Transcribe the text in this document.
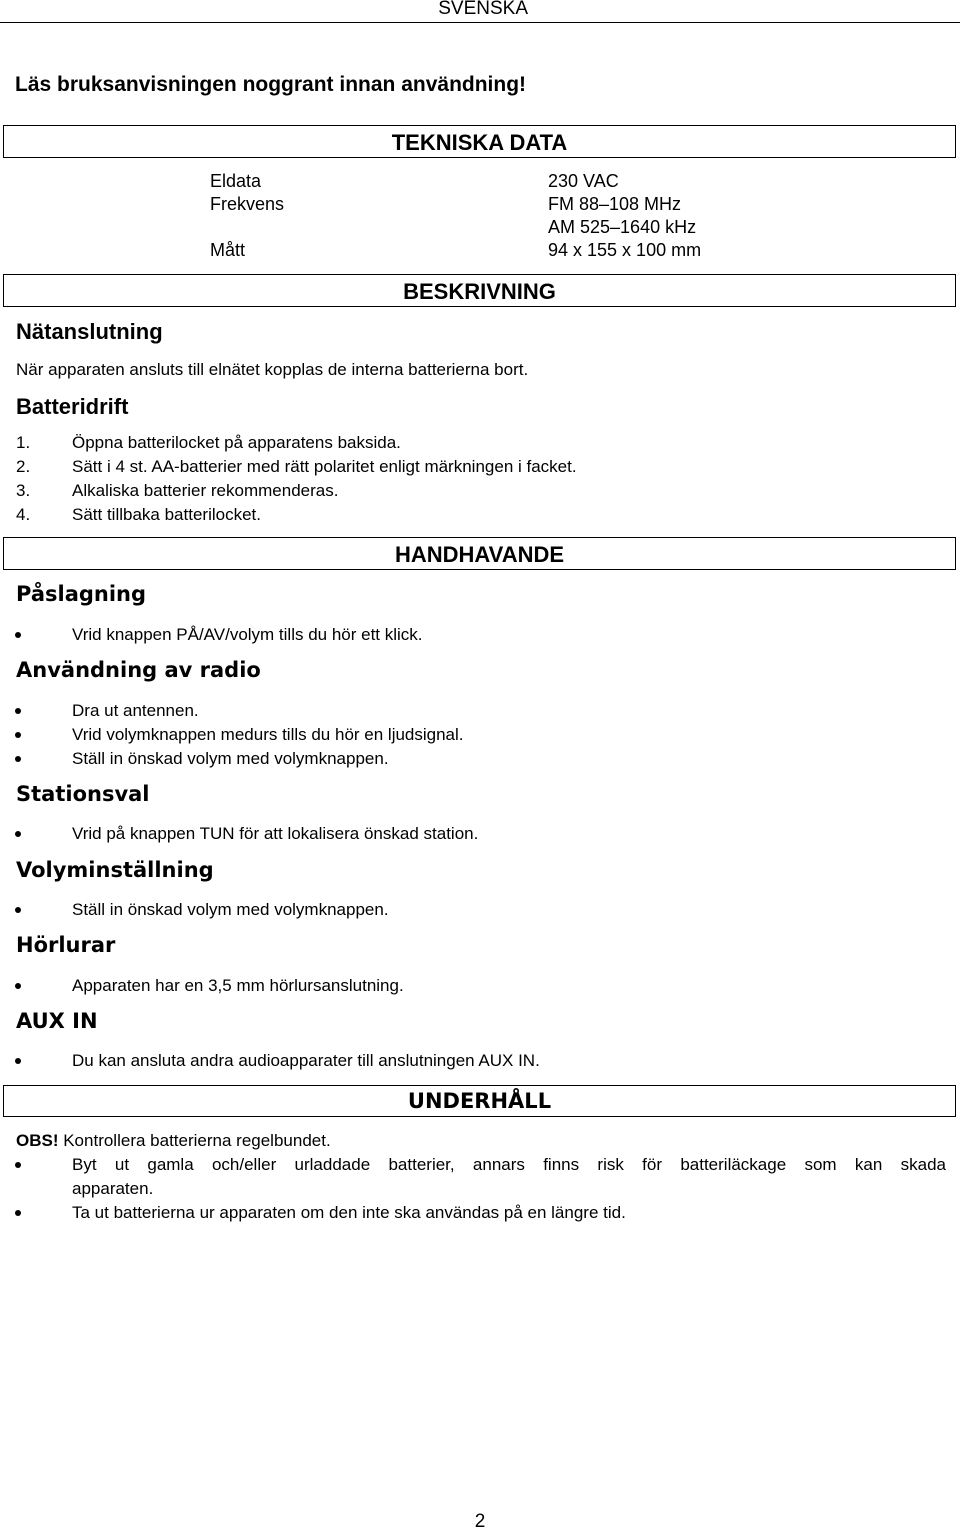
SVENSKA
Läs bruksanvisningen noggrant innan användning!
TEKNISKA DATA
Eldata	230 VAC
Frekvens	FM 88–108 MHz
AM 525–1640 kHz
Mått	94 x 155 x 100 mm
BESKRIVNING
Nätanslutning
När apparaten ansluts till elnätet kopplas de interna batterierna bort.
Batteridrift
1. Öppna batterilocket på apparatens baksida.
2. Sätt i 4 st. AA-batterier med rätt polaritet enligt märkningen i facket.
3. Alkaliska batterier rekommenderas.
4. Sätt tillbaka batterilocket.
HANDHAVANDE
Påslagning
Vrid knappen PÅ/AV/volym tills du hör ett klick.
Användning av radio
Dra ut antennen.
Vrid volymknappen medurs tills du hör en ljudsignal.
Ställ in önskad volym med volymknappen.
Stationsval
Vrid på knappen TUN för att lokalisera önskad station.
Volyminställning
Ställ in önskad volym med volymknappen.
Hörlurar
Apparaten har en 3,5 mm hörlursanslutning.
AUX IN
Du kan ansluta andra audioapparater till anslutningen AUX IN.
UNDERHÅLL
OBS! Kontrollera batterierna regelbundet.
Byt ut gamla och/eller urladdade batterier, annars finns risk för batteriläckage som kan skada
apparaten.
Ta ut batterierna ur apparaten om den inte ska användas på en längre tid.
2
